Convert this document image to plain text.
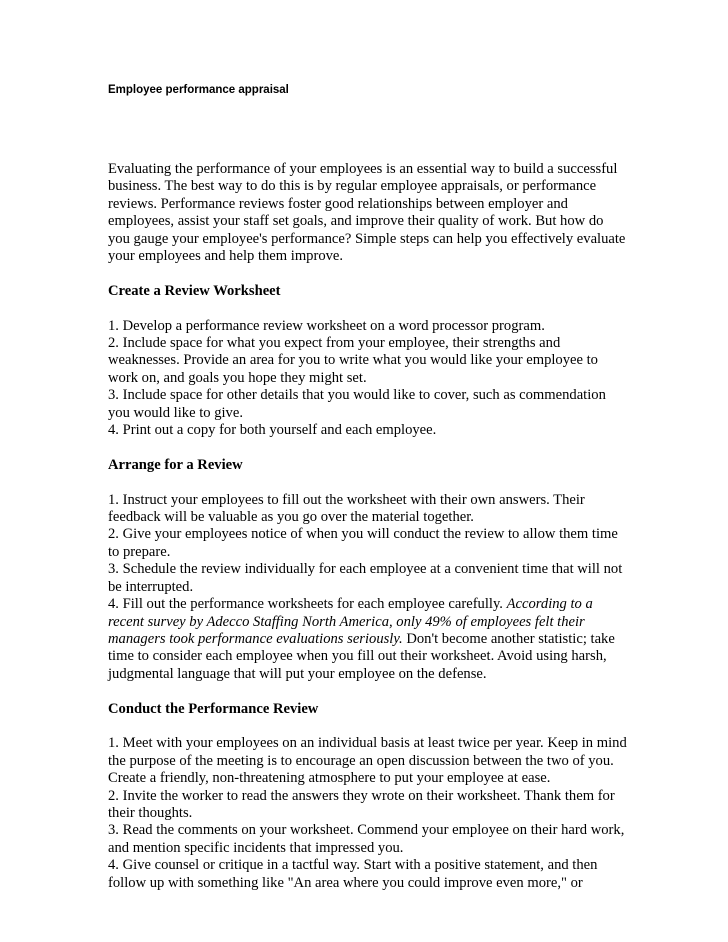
Employee performance appraisal

Evaluating the performance of your employees is an essential way to build a successful business. The best way to do this is by regular employee appraisals, or performance reviews. Performance reviews foster good relationships between employer and employees, assist your staff set goals, and improve their quality of work. But how do you gauge your employee's performance? Simple steps can help you effectively evaluate your employees and help them improve.

Create a Review Worksheet

1. Develop a performance review worksheet on a word processor program.

2. Include space for what you expect from your employee, their strengths and weaknesses. Provide an area for you to write what you would like your employee to work on, and goals you hope they might set.

3. Include space for other details that you would like to cover, such as commendation you would like to give.

4. Print out a copy for both yourself and each employee.

Arrange for a Review

1. Instruct your employees to fill out the worksheet with their own answers. Their feedback will be valuable as you go over the material together.

2. Give your employees notice of when you will conduct the review to allow them time to prepare.

3. Schedule the review individually for each employee at a convenient time that will not be interrupted.

4. Fill out the performance worksheets for each employee carefully. According to a recent survey by Adecco Staffing North America, only 49% of employees felt their managers took performance evaluations seriously. Don't become another statistic; take time to consider each employee when you fill out their worksheet. Avoid using harsh, judgmental language that will put your employee on the defense.

Conduct the Performance Review

1. Meet with your employees on an individual basis at least twice per year. Keep in mind the purpose of the meeting is to encourage an open discussion between the two of you. Create a friendly, non-threatening atmosphere to put your employee at ease.

2. Invite the worker to read the answers they wrote on their worksheet. Thank them for their thoughts.

3. Read the comments on your worksheet. Commend your employee on their hard work, and mention specific incidents that impressed you.

4. Give counsel or critique in a tactful way. Start with a positive statement, and then follow up with something like "An area where you could improve even more," or
